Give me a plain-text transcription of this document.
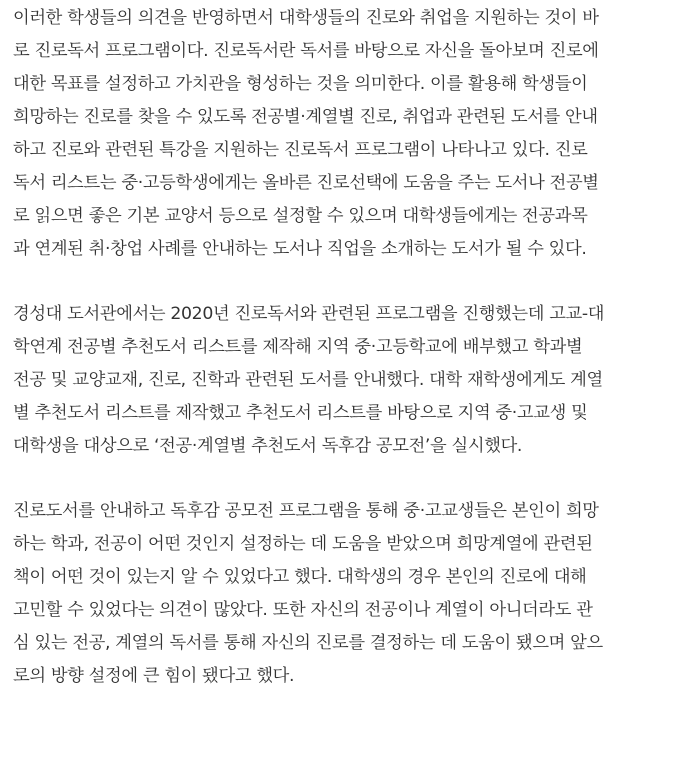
이러한 학생들의 의견을 반영하면서 대학생들의 진로와 취업을 지원하는 것이 바
로 진로독서 프로그램이다. 진로독서란 독서를 바탕으로 자신을 돌아보며 진로에
대한 목표를 설정하고 가치관을 형성하는 것을 의미한다. 이를 활용해 학생들이
희망하는 진로를 찾을 수 있도록 전공별·계열별 진로, 취업과 관련된 도서를 안내
하고 진로와 관련된 특강을 지원하는 진로독서 프로그램이 나타나고 있다. 진로
독서 리스트는 중·고등학생에게는 올바른 진로선택에 도움을 주는 도서나 전공별
로 읽으면 좋은 기본 교양서 등으로 설정할 수 있으며 대학생들에게는 전공과목
과 연계된 취·창업 사례를 안내하는 도서나 직업을 소개하는 도서가 될 수 있다.
경성대 도서관에서는 2020년 진로독서와 관련된 프로그램을 진행했는데 고교-대
학연계 전공별 추천도서 리스트를 제작해 지역 중·고등학교에 배부했고 학과별
전공 및 교양교재, 진로, 진학과 관련된 도서를 안내했다. 대학 재학생에게도 계열
별 추천도서 리스트를 제작했고 추천도서 리스트를 바탕으로 지역 중·고교생 및
대학생을 대상으로 ‘전공·계열별 추천도서 독후감 공모전’을 실시했다.
진로도서를 안내하고 독후감 공모전 프로그램을 통해 중·고교생들은 본인이 희망
하는 학과, 전공이 어떤 것인지 설정하는 데 도움을 받았으며 희망계열에 관련된
책이 어떤 것이 있는지 알 수 있었다고 했다. 대학생의 경우 본인의 진로에 대해
고민할 수 있었다는 의견이 많았다. 또한 자신의 전공이나 계열이 아니더라도 관
심 있는 전공, 계열의 독서를 통해 자신의 진로를 결정하는 데 도움이 됐으며 앞으
로의 방향 설정에 큰 힘이 됐다고 했다.
